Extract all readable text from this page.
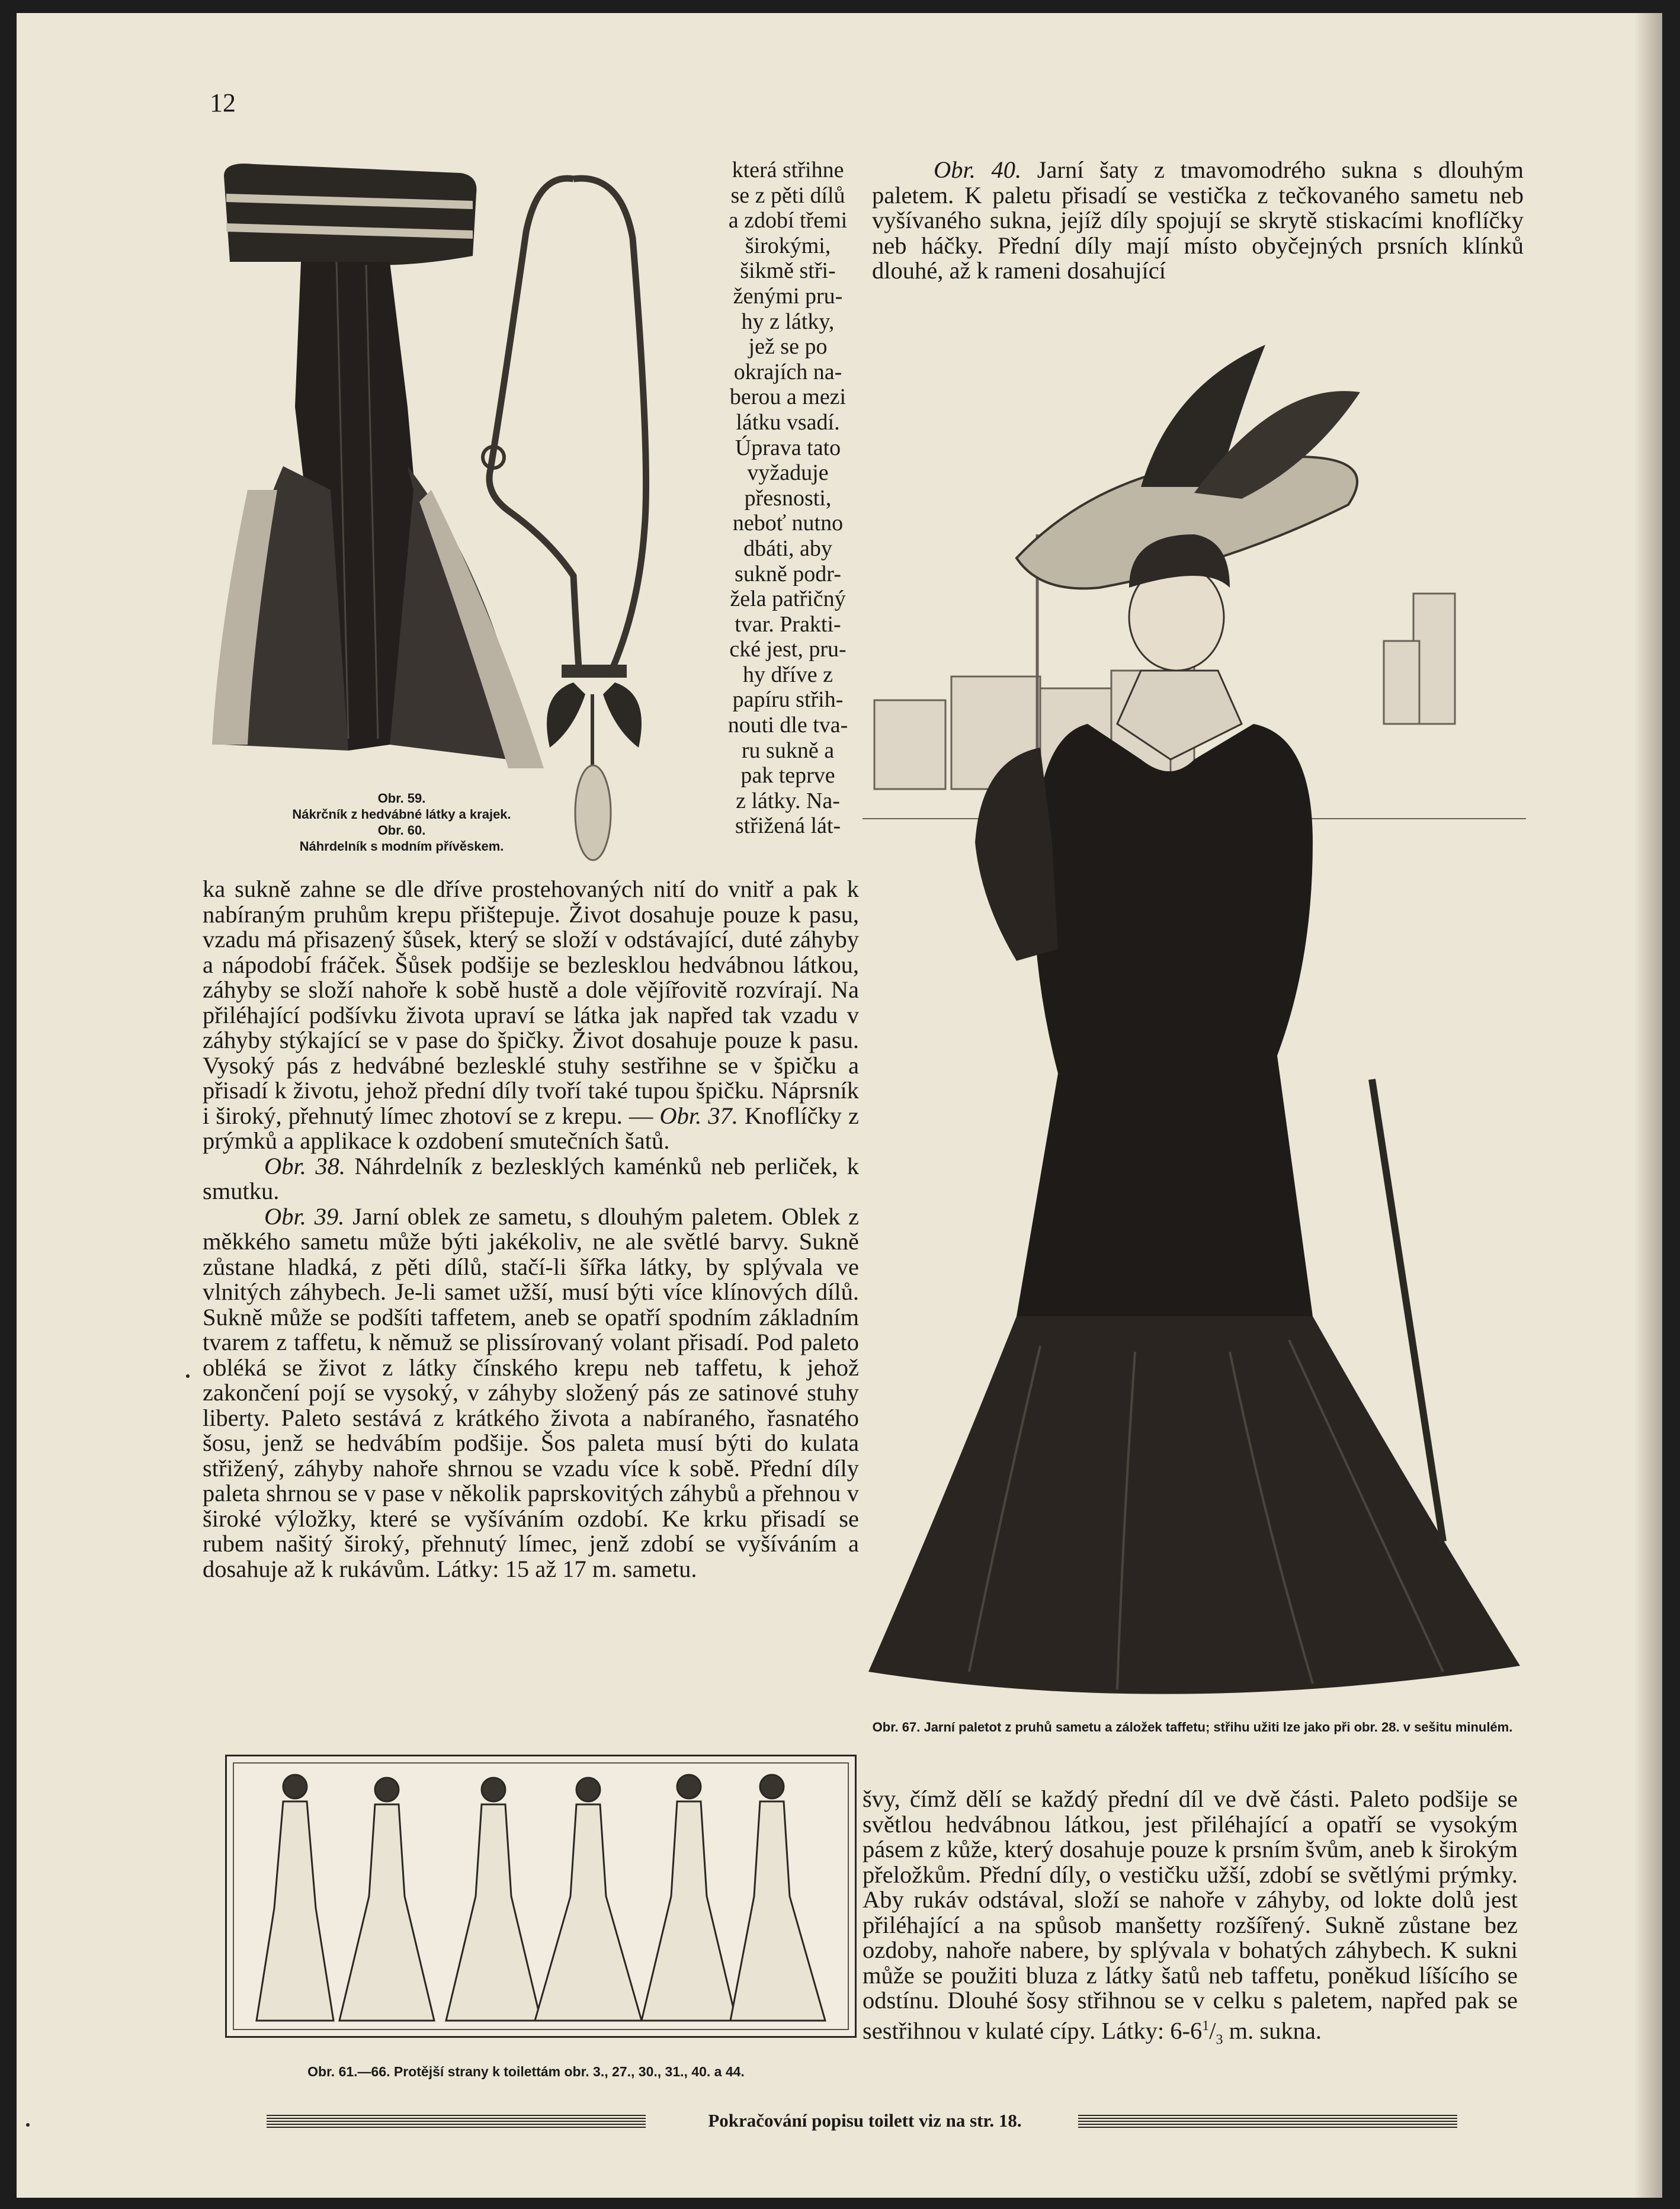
12
Obr. 59.
Nákrčník z hedvábné látky a krajek.
Obr. 60.
Náhrdelník s modním přívěskem.
která střihne
se z pěti dílů
a zdobí třemi
širokými,
šikmě stři-
ženými pru-
hy z látky,
jež se po
okrajích na-
berou a mezi
látku vsadí.
Úprava tato
vyžaduje
přesnosti,
neboť nutno
dbáti, aby
sukně podr-
žela patřičný
tvar. Prakti-
cké jest, pru-
hy dříve z
papíru střih-
nouti dle tva-
ru sukně a
pak teprve
z látky. Na-
střižená lát-

ka sukně zahne se dle dříve prostehovaných nití do vnitř a pak k nabíraným pruhům krepu přištepuje. Život dosahuje pouze k pasu, vzadu má přisazený šůsek, který se složí v odstávající, duté záhyby a nápodobí fráček. Šůsek podšije se bezlesklou hedvábnou látkou, záhyby se složí nahoře k sobě hustě a dole vějířovitě rozvírají. Na přiléhající podšívku života upraví se látka jak napřed tak vzadu v záhyby stýkající se v pase do špičky. Život dosahuje pouze k pasu. Vysoký pás z hedvábné bezlesklé stuhy sestřihne se v špičku a přisadí k životu, jehož přední díly tvoří také tupou špičku. Náprsník i široký, přehnutý límec zhotoví se z krepu. — Obr. 37. Knoflíčky z prýmků a applikace k ozdobení smutečních šatů.

Obr. 38. Náhrdelník z bezlesklých kaménků neb perliček, k smutku.

Obr. 39. Jarní oblek ze sametu, s dlouhým paletem. Oblek z měkkého sametu může býti jakékoliv, ne ale světlé barvy. Sukně zůstane hladká, z pěti dílů, stačí-li šířka látky, by splývala ve vlnitých záhybech. Je-li samet užší, musí býti více klínových dílů. Sukně může se podšíti taffetem, aneb se opatří spodním základním tvarem z taffetu, k němuž se plissírovaný volant přisadí. Pod paleto obléká se život z látky čínského krepu neb taffetu, k jehož zakončení pojí se vysoký, v záhyby složený pás ze satinové stuhy liberty. Paleto sestává z krátkého života a nabíraného, řasnatého šosu, jenž se hedvábím podšije. Šos paleta musí býti do kulata střižený, záhyby nahoře shrnou se vzadu více k sobě. Přední díly paleta shrnou se v pase v několik paprskovitých záhybů a přehnou v široké výložky, které se vyšíváním ozdobí. Ke krku přisadí se rubem našitý široký, přehnutý límec, jenž zdobí se vyšíváním a dosahuje až k rukávům. Látky: 15 až 17 m. sametu.

Obr. 61.—66. Protější strany k toilettám obr. 3., 27., 30., 31., 40. a 44.

Obr. 40. Jarní šaty z tmavomodrého sukna s dlouhým paletem. K paletu přisadí se vestička z tečkovaného sametu neb vyšívaného sukna, jejíž díly spojují se skrytě stiskacími knoflíčky neb háčky. Přední díly mají místo obyčejných prsních klínků dlouhé, až k rameni dosahující

Obr. 67. Jarní paletot z pruhů sametu a záložek taffetu; střihu užiti lze jako při obr. 28. v sešitu minulém.

švy, čímž dělí se každý přední díl ve dvě části. Paleto podšije se světlou hedvábnou látkou, jest přiléhající a opatří se vysokým pásem z kůže, který dosahuje pouze k prsním švům, aneb k širokým přeložkům. Přední díly, o vestičku užší, zdobí se světlými prýmky. Aby rukáv odstával, složí se nahoře v záhyby, od lokte dolů jest přiléhající a na spůsob manšetty rozšířený. Sukně zůstane bez ozdoby, nahoře nabere, by splývala v bohatých záhybech. K sukni může se použiti bluza z látky šatů neb taffetu, poněkud líšícího se odstínu. Dlouhé šosy střihnou se v celku s paletem, napřed pak se sestřihnou v kulaté cípy. Látky: $6-6^1/_3$ m. sukna.

Pokračování popisu toilett viz na str. 18.
